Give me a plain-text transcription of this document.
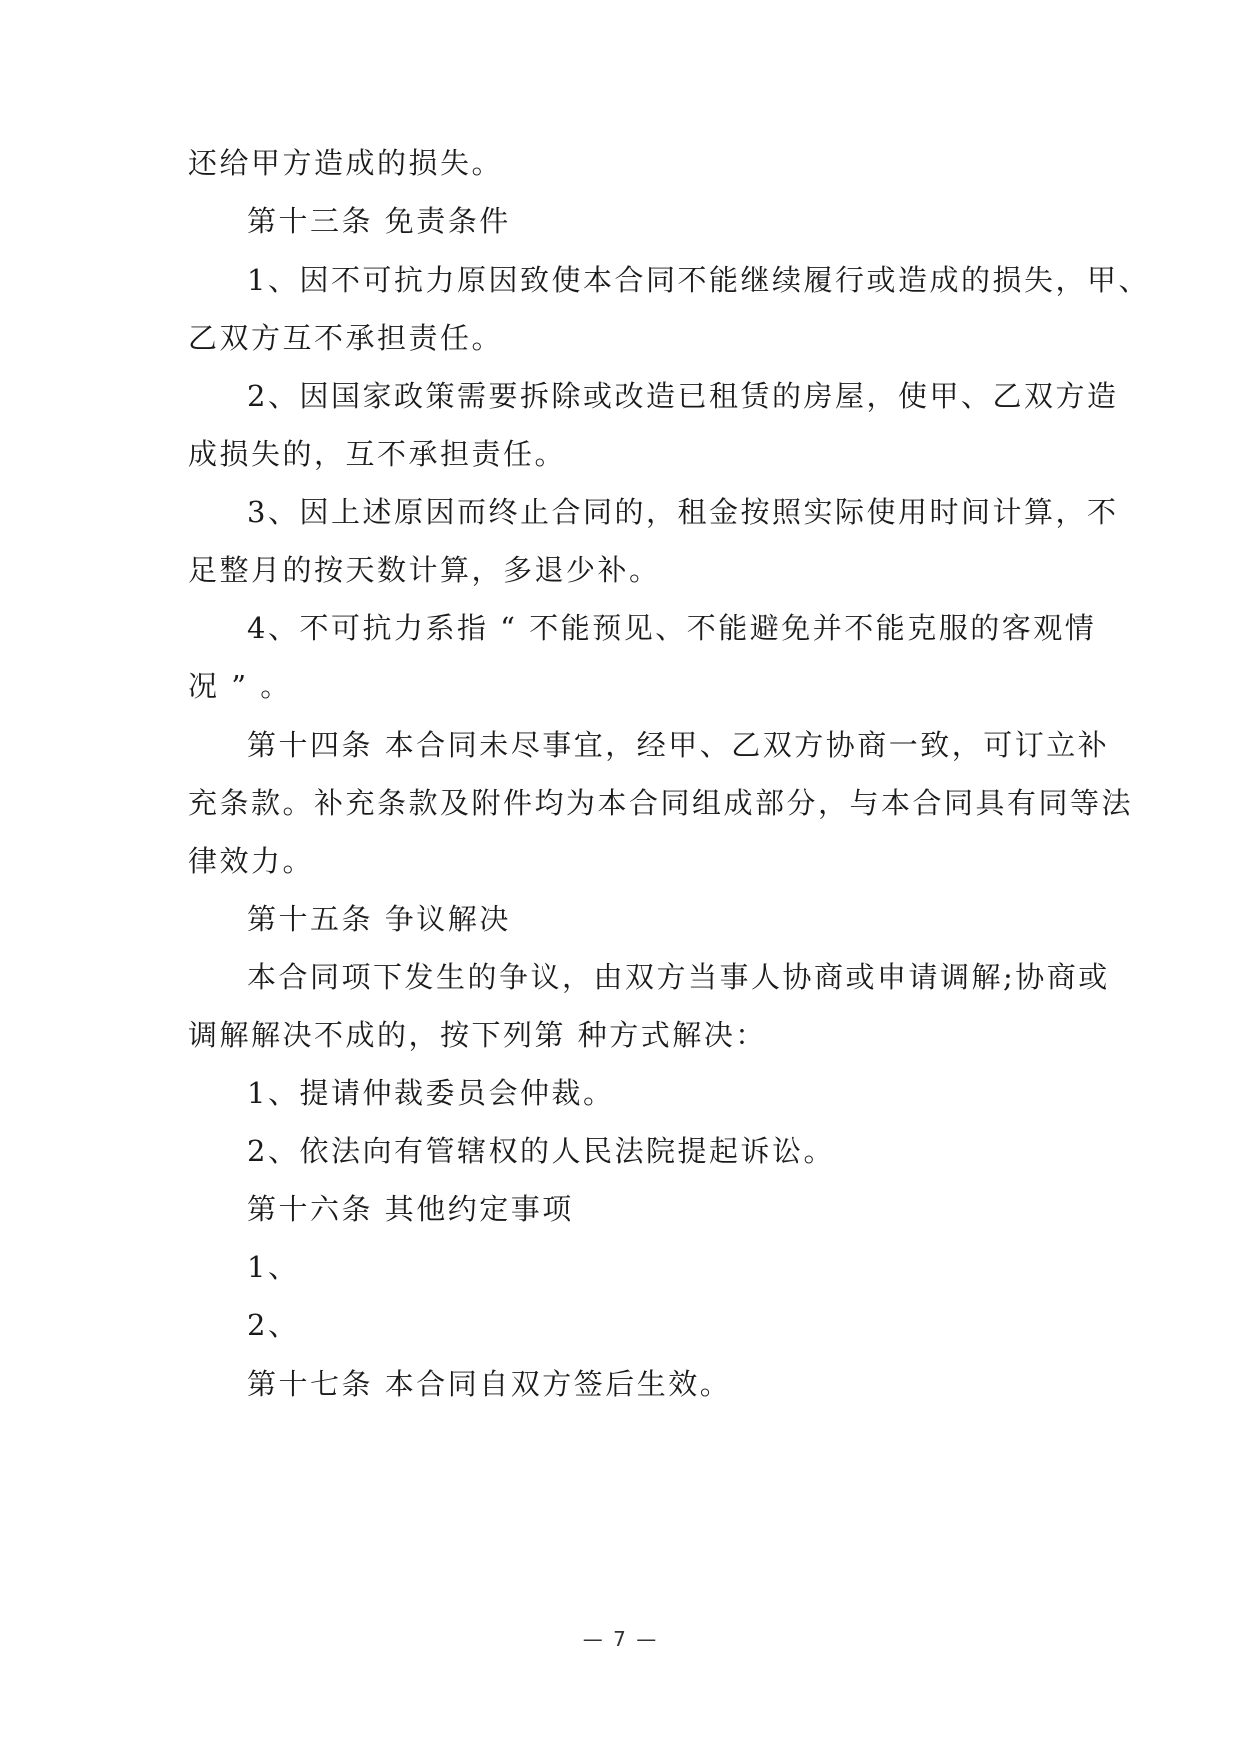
还给甲方造成的损失。
第十三条 免责条件
1、因不可抗力原因致使本合同不能继续履行或造成的损失，甲、
乙双方互不承担责任。
2、因国家政策需要拆除或改造已租赁的房屋，使甲、乙双方造
成损失的，互不承担责任。
3、因上述原因而终止合同的，租金按照实际使用时间计算，不
足整月的按天数计算，多退少补。
4、不可抗力系指 “ 不能预见、不能避免并不能克服的客观情
况 ” 。
第十四条 本合同未尽事宜，经甲、乙双方协商一致，可订立补
充条款。补充条款及附件均为本合同组成部分，与本合同具有同等法
律效力。
第十五条 争议解决
本合同项下发生的争议，由双方当事人协商或申请调解;协商或
调解解决不成的，按下列第 种方式解决：
1、提请仲裁委员会仲裁。
2、依法向有管辖权的人民法院提起诉讼。
第十六条 其他约定事项
1、
2、
第十七条 本合同自双方签后生效。
— 7 —
